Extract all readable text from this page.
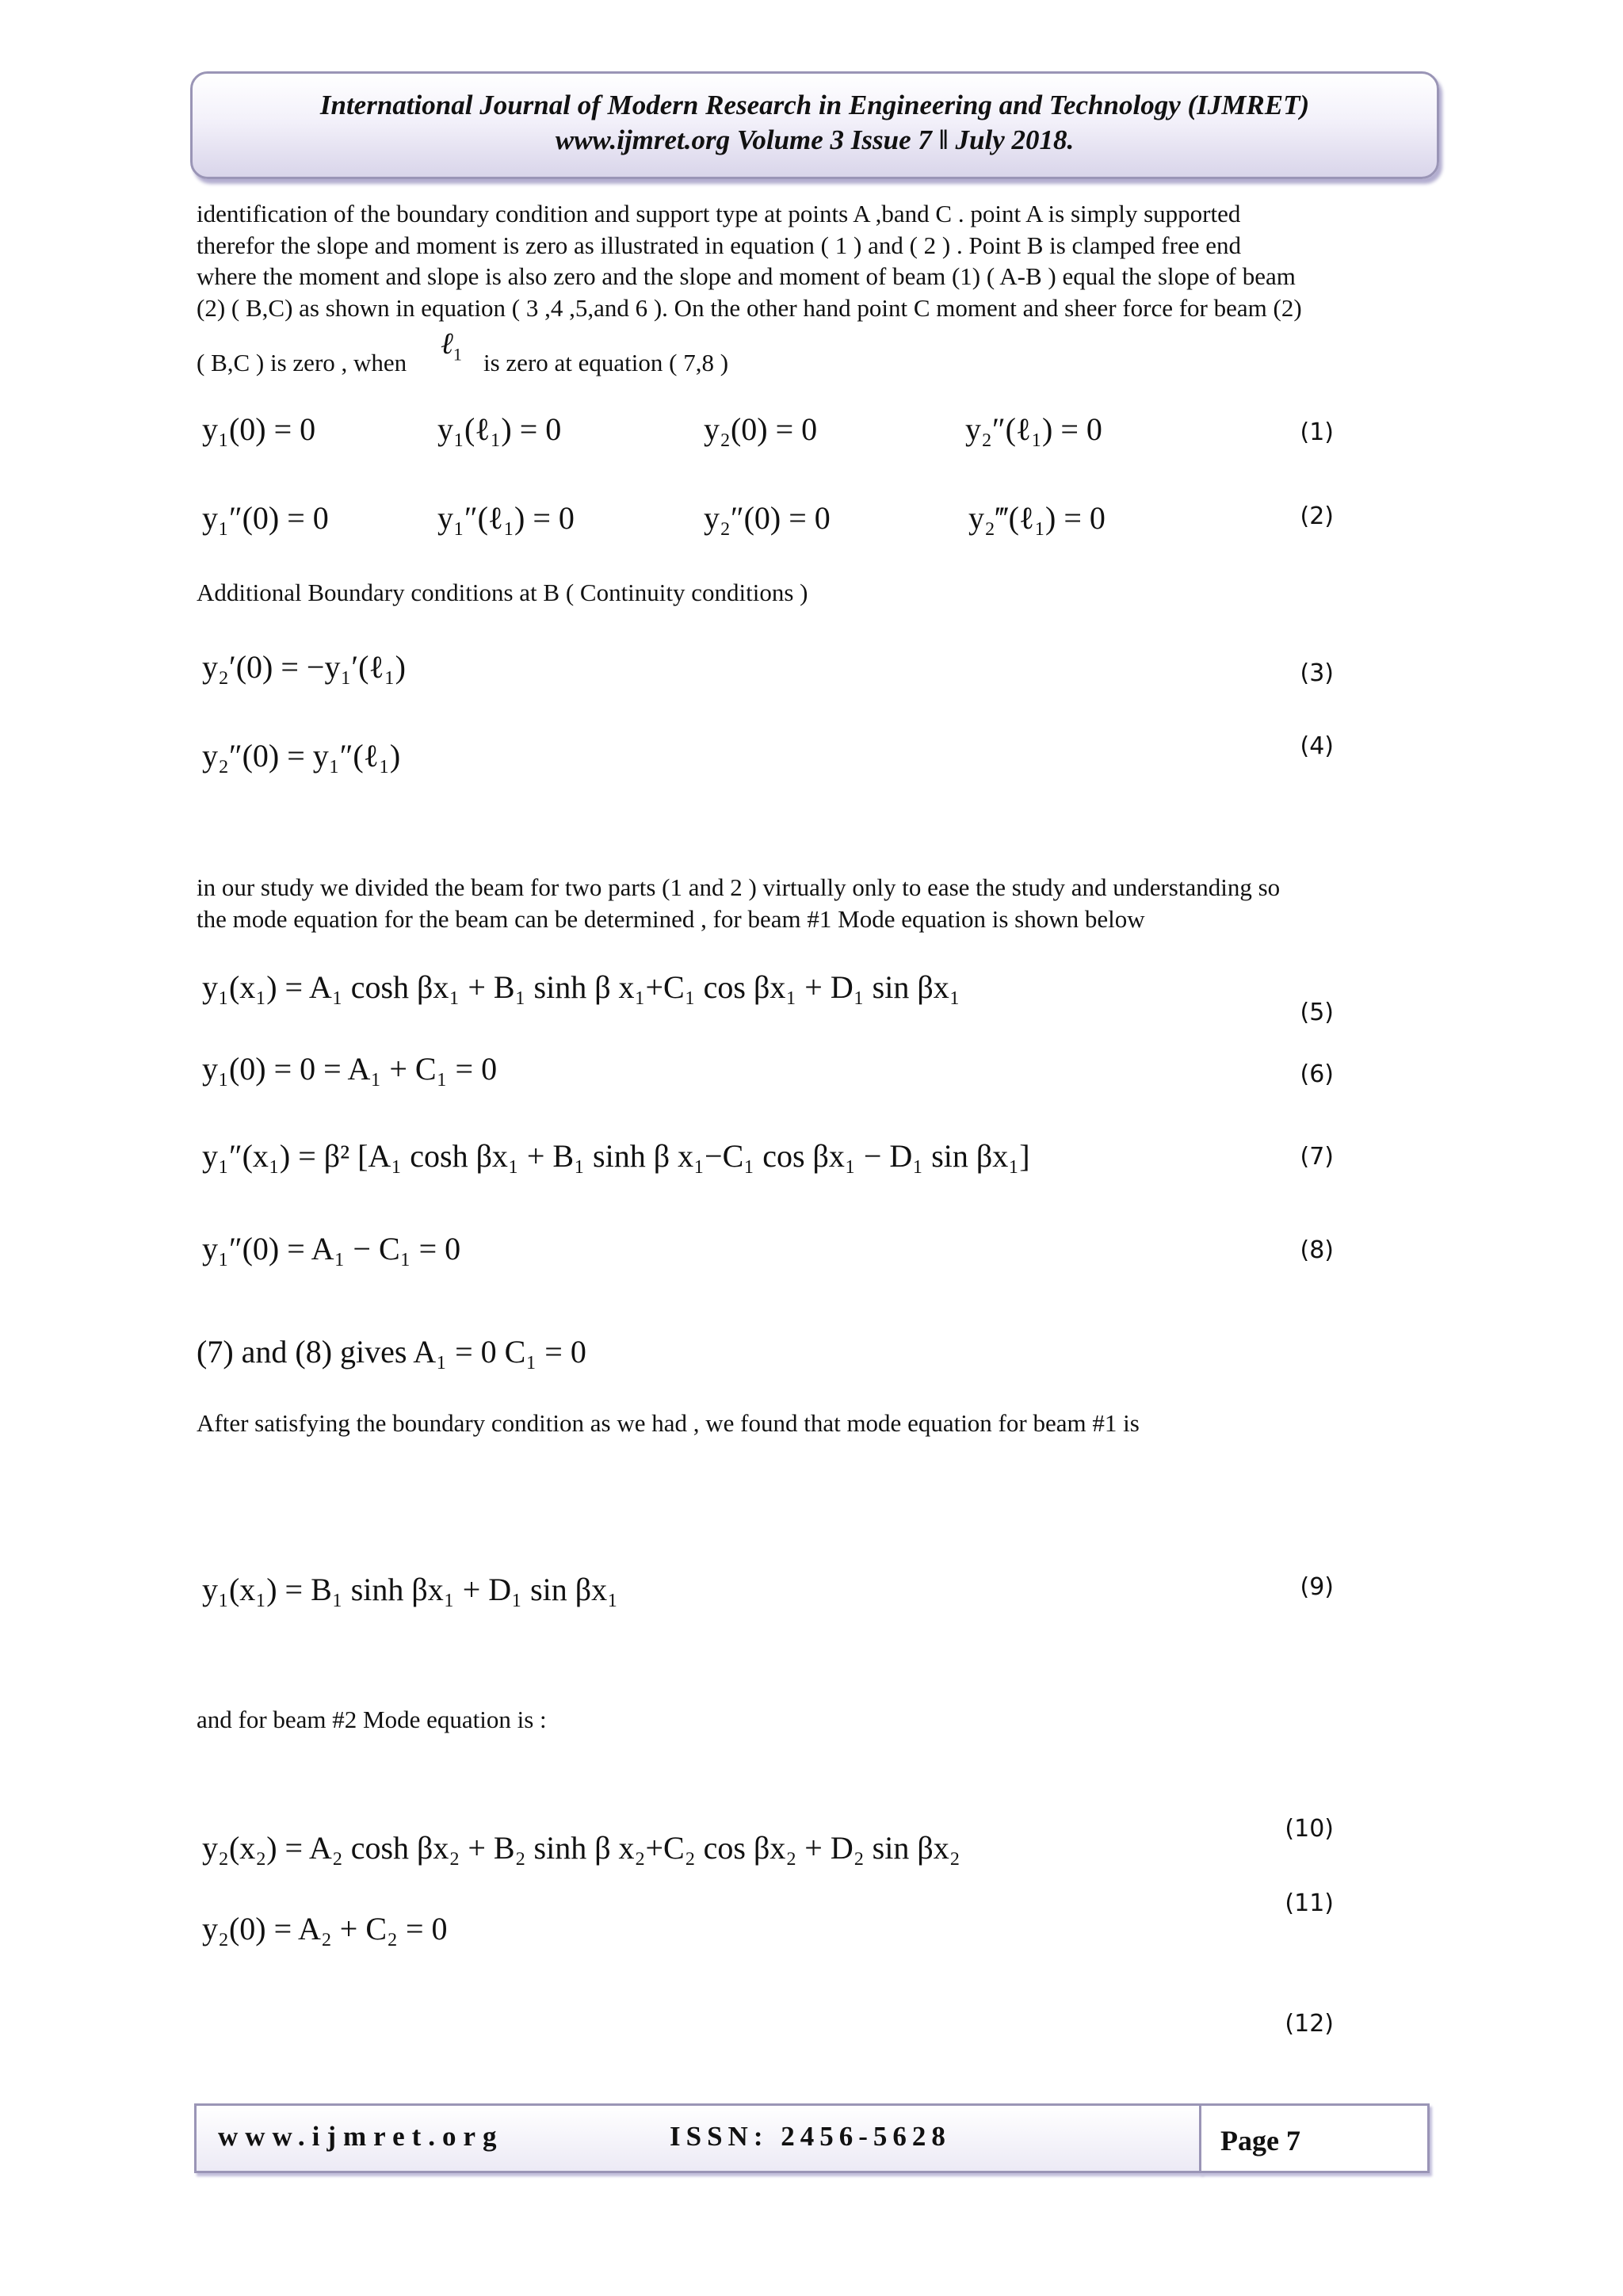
International Journal of Modern Research in Engineering and Technology (IJMRET)
www.ijmret.org Volume 3 Issue 7 ǁ July 2018.
identification of the boundary condition and support type at points A ,band C . point A is simply supported
therefor the slope and moment is zero as illustrated in equation ( 1 ) and ( 2 ) . Point B is clamped free end
where the moment and slope is also zero and the slope and moment of beam (1) ( A-B ) equal the slope of beam
(2) ( B,C) as shown in equation ( 3 ,4 ,5,and 6 ). On the other hand point C moment and sheer force for beam (2)
( B,C ) is zero , when
ℓ$_1$ is zero at equation ( 7,8 )
y₁(0) = 0	y₁(ℓ₁) = 0	y₂(0) = 0	y₂″(ℓ₁) = 0	(1)
y₁″(0) = 0	y₁″(ℓ₁) = 0	y₂″(0) = 0	y₂‴(ℓ₁) = 0	(2)
Additional Boundary conditions at B ( Continuity conditions )
y₂′(0) = −y₁′(ℓ₁)	(3)
y₂″(0) = y₁″(ℓ₁)	(4)
in our study we divided the beam for two parts (1 and 2 ) virtually only to ease the study and understanding so
the mode equation for the beam can be determined , for beam #1 Mode equation is shown below
y₁(x₁) = A₁ cosh βx₁ + B₁ sinh β x₁+C₁ cos βx₁ + D₁ sin βx₁
(5)
y₁(0) = 0 = A₁ + C₁ = 0	(6)
y₁″(x₁) = β² [A₁ cosh βx₁ + B₁ sinh β x₁−C₁ cos βx₁ − D₁ sin βx₁]	(7)
y₁″(0) = A₁ − C₁ = 0	(8)
(7) and (8) gives A₁ = 0 C₁ = 0
After satisfying the boundary condition as we had , we found that mode equation for beam #1 is
y₁(x₁) = B₁ sinh βx₁ + D₁ sin βx₁	(9)
and for beam #2 Mode equation is :
y₂(x₂) = A₂ cosh βx₂ + B₂ sinh β x₂+C₂ cos βx₂ + D₂ sin βx₂
(10)
y₂(0) = A₂ + C₂ = 0
(11)
(12)
www.ijmret.org	ISSN: 2456-5628	Page 7
